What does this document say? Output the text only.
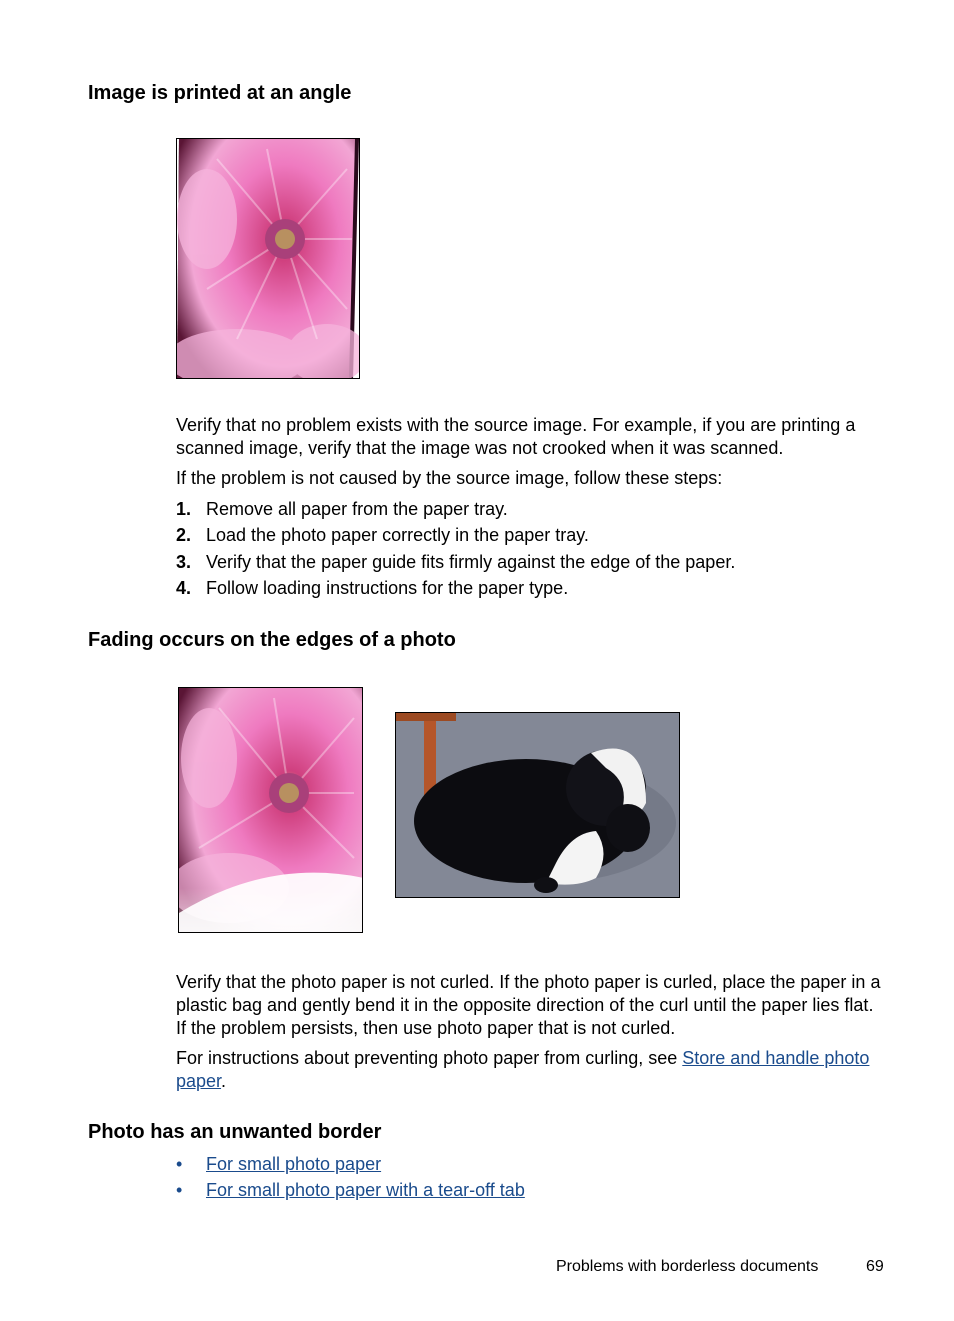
Image is printed at an angle

Verify that no problem exists with the source image. For example, if you are printing a scanned image, verify that the image was not crooked when it was scanned.

If the problem is not caused by the source image, follow these steps:

1. Remove all paper from the paper tray.
2. Load the photo paper correctly in the paper tray.
3. Verify that the paper guide fits firmly against the edge of the paper.
4. Follow loading instructions for the paper type.
Fading occurs on the edges of a photo

Verify that the photo paper is not curled. If the photo paper is curled, place the paper in a plastic bag and gently bend it in the opposite direction of the curl until the paper lies flat. If the problem persists, then use photo paper that is not curled.

For instructions about preventing photo paper from curling, see Store and handle photo paper.

Photo has an unwanted border
• For small photo paper
• For small photo paper with a tear-off tab
Problems with borderless documents	69
